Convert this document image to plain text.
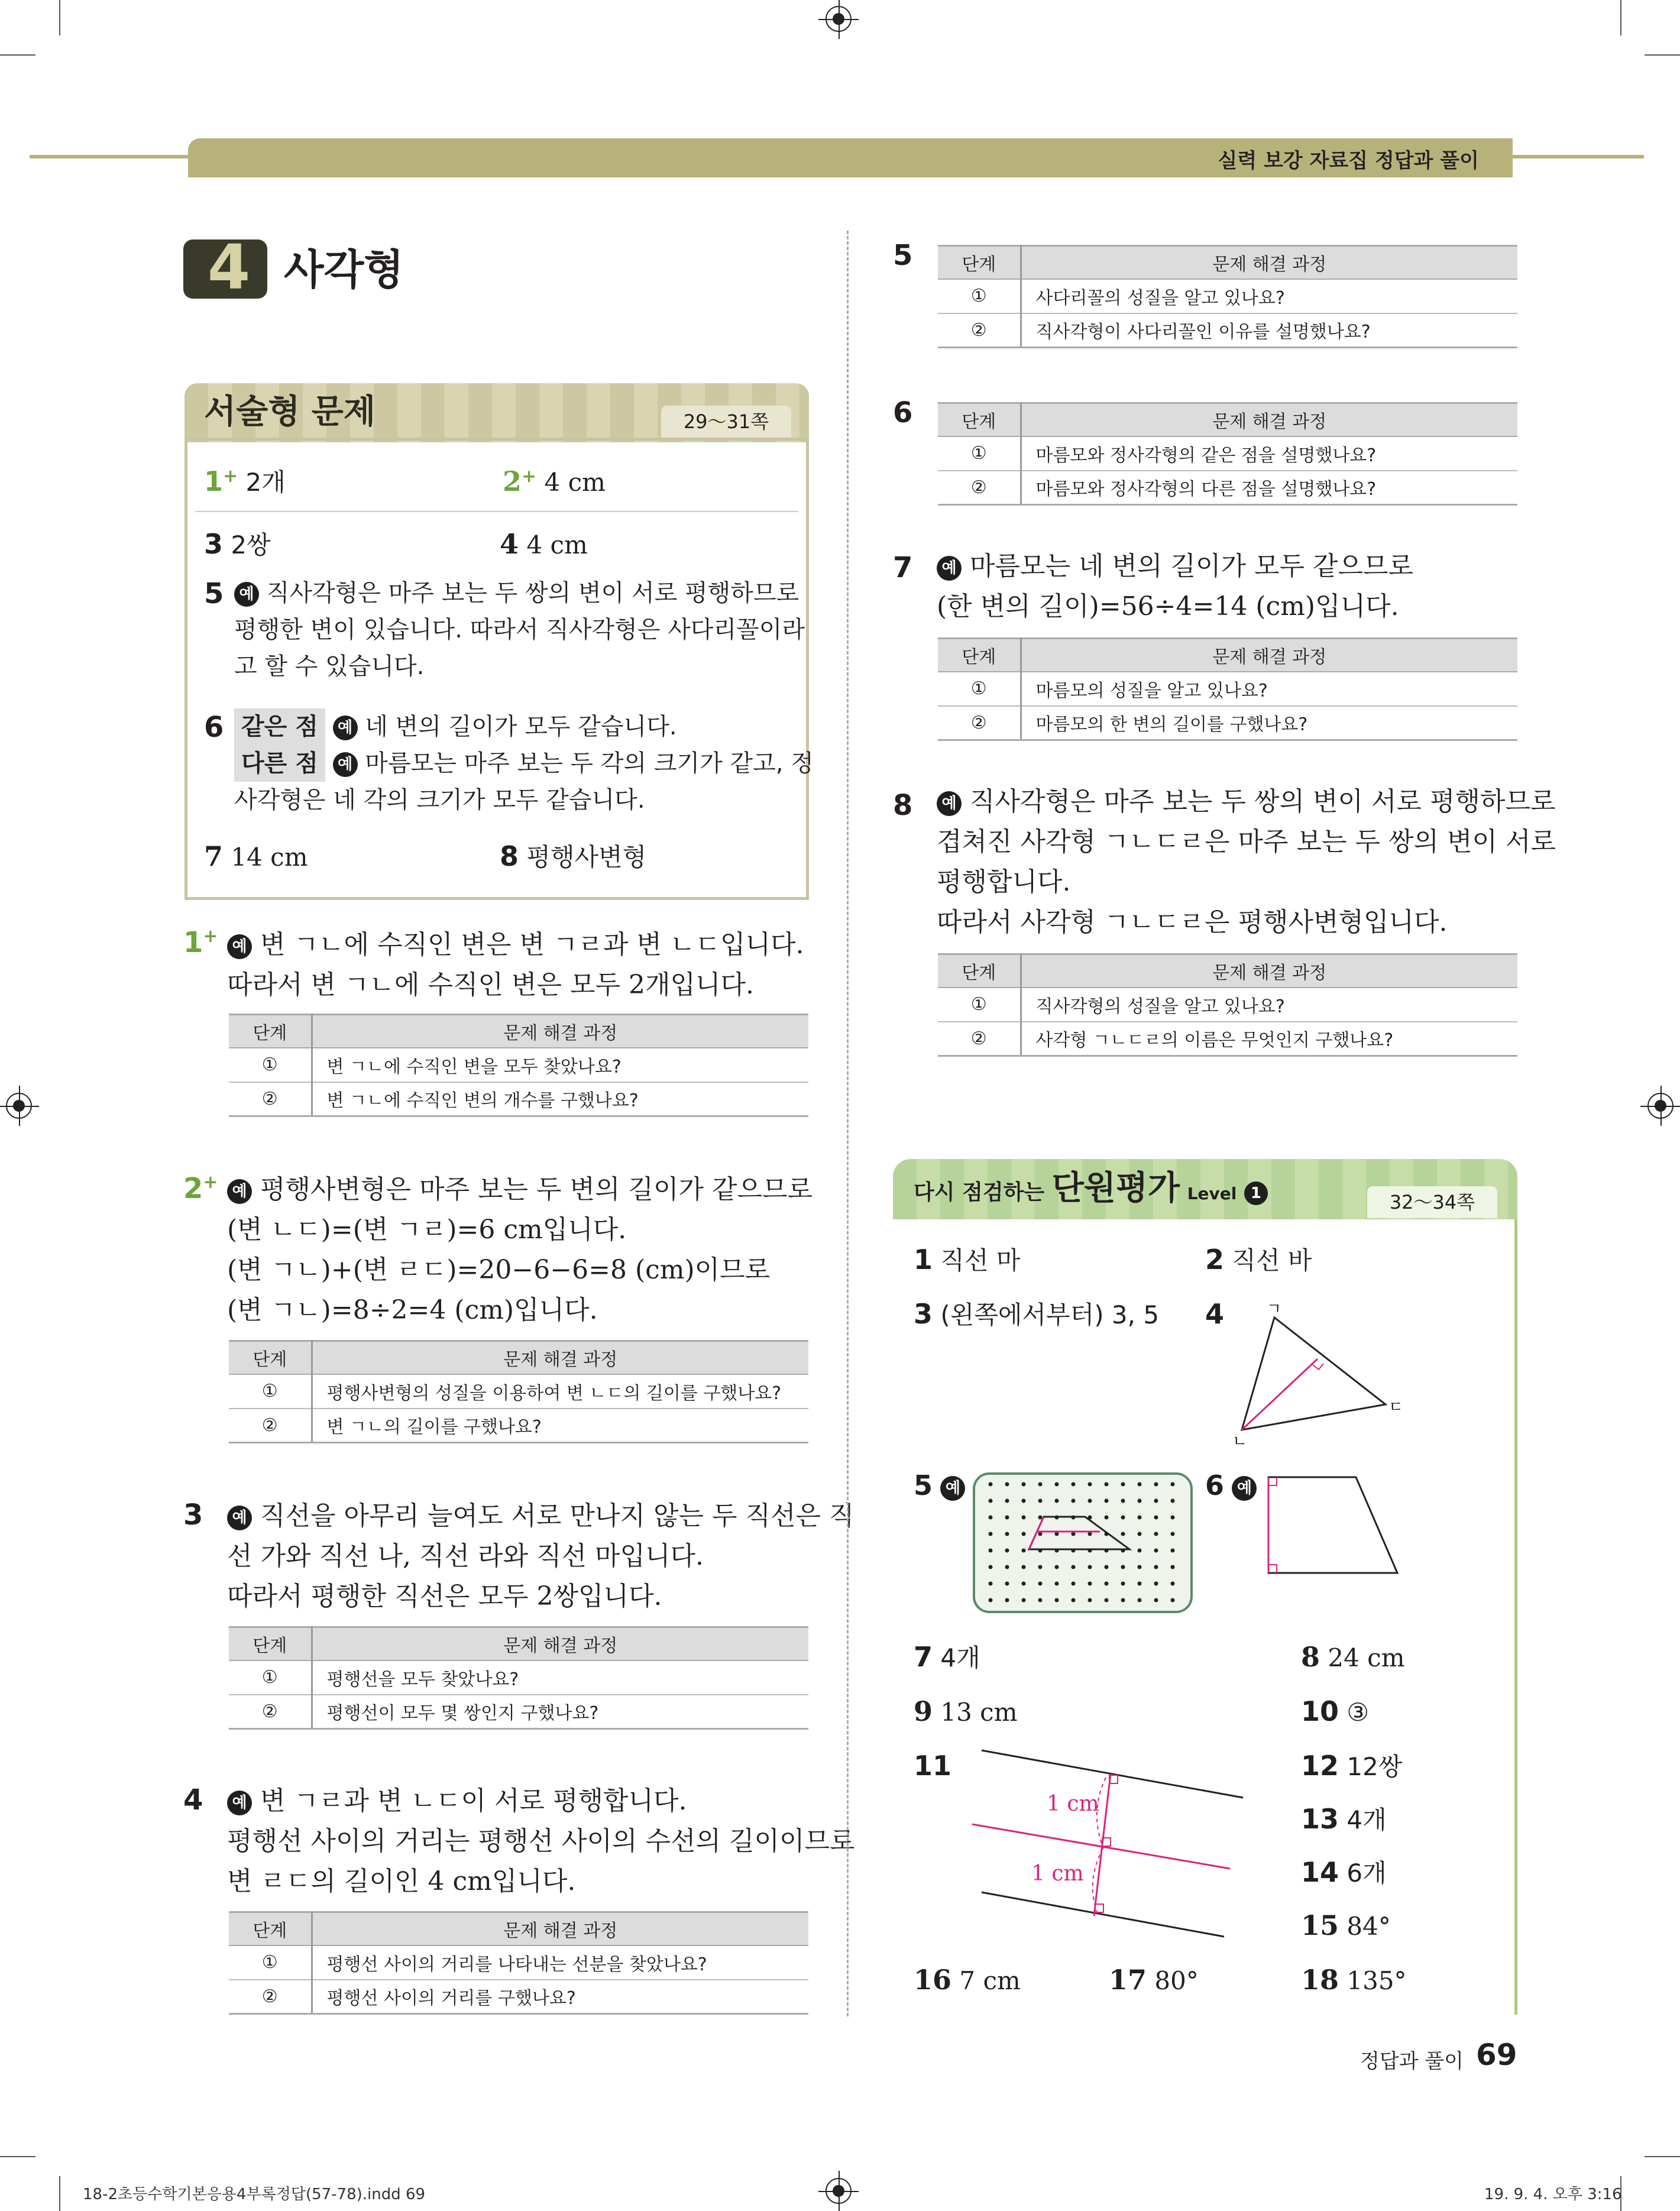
실력 보강 자료집 정답과 풀이
4 사각형
서술형 문제	29～31쪽
1+ 2개	2+ 4 cm
3 2쌍	4 4 cm
5	예 직사각형은 마주 보는 두 쌍의 변이 서로 평행하므로
평행한 변이 있습니다. 따라서 직사각형은 사다리꼴이라
고 할 수 있습니다.
6 같은 점 예 네 변의 길이가 모두 같습니다.
다른 점 예 마름모는 마주 보는 두 각의 크기가 같고, 정
사각형은 네 각의 크기가 모두 같습니다.
7 14 cm	8 평행사변형
1+ 예 변 ㄱㄴ에 수직인 변은 변 ㄱㄹ과 변 ㄴㄷ입니다.
따라서 변 ㄱㄴ에 수직인 변은 모두 2개입니다.
단계	문제 해결 과정
①	변 ㄱㄴ에 수직인 변을 모두 찾았나요?
②	변 ㄱㄴ에 수직인 변의 개수를 구했나요?
2+ 예 평행사변형은 마주 보는 두 변의 길이가 같으므로
(변 ㄴㄷ)=(변 ㄱㄹ)=6 cm입니다.
(변 ㄱㄴ)+(변 ㄹㄷ)=20−6−6=8 (cm)이므로
(변 ㄱㄴ)=8÷2=4 (cm)입니다.
단계	문제 해결 과정
①	평행사변형의 성질을 이용하여 변 ㄴㄷ의 길이를 구했나요?
②	변 ㄱㄴ의 길이를 구했나요?
3	예 직선을 아무리 늘여도 서로 만나지 않는 두 직선은 직
선 가와 직선 나, 직선 라와 직선 마입니다.
따라서 평행한 직선은 모두 2쌍입니다.
단계	문제 해결 과정
①	평행선을 모두 찾았나요?
②	평행선이 모두 몇 쌍인지 구했나요?
4	예 변 ㄱㄹ과 변 ㄴㄷ이 서로 평행합니다.
평행선 사이의 거리는 평행선 사이의 수선의 길이이므로
변 ㄹㄷ의 길이인 4 cm입니다.
단계	문제 해결 과정
①	평행선 사이의 거리를 나타내는 선분을 찾았나요?
②	평행선 사이의 거리를 구했나요?
5	단계	문제 해결 과정
①	사다리꼴의 성질을 알고 있나요?
②	직사각형이 사다리꼴인 이유를 설명했나요?
6	단계	문제 해결 과정
①	마름모와 정사각형의 같은 점을 설명했나요?
②	마름모와 정사각형의 다른 점을 설명했나요?
7	예 마름모는 네 변의 길이가 모두 같으므로
(한 변의 길이)=56÷4=14 (cm)입니다.
단계	문제 해결 과정
①	마름모의 성질을 알고 있나요?
②	마름모의 한 변의 길이를 구했나요?
8	예 직사각형은 마주 보는 두 쌍의 변이 서로 평행하므로
겹쳐진 사각형 ㄱㄴㄷㄹ은 마주 보는 두 쌍의 변이 서로
평행합니다.
따라서 사각형 ㄱㄴㄷㄹ은 평행사변형입니다.
단계	문제 해결 과정
①	직사각형의 성질을 알고 있나요?
②	사각형 ㄱㄴㄷㄹ의 이름은 무엇인지 구했나요?
다시 점검하는 단원평가 Level 1	32～34쪽
1 직선 마	2 직선 바
3 (왼쪽에서부터) 3, 5 4	ㄱ
ㄴ
ㄷ
5 예	6 예
7 4개	8 24 cm
9 13 cm	10 ③
11
1 cm
1 cm
12 12쌍
13 4개
14 6개
15 84°
16 7 cm	17 80°	18 135°
정답과 풀이 69
18-2초등수학기본응용4부록정답(57-78).indd 69	19. 9. 4. 오후 3:16
